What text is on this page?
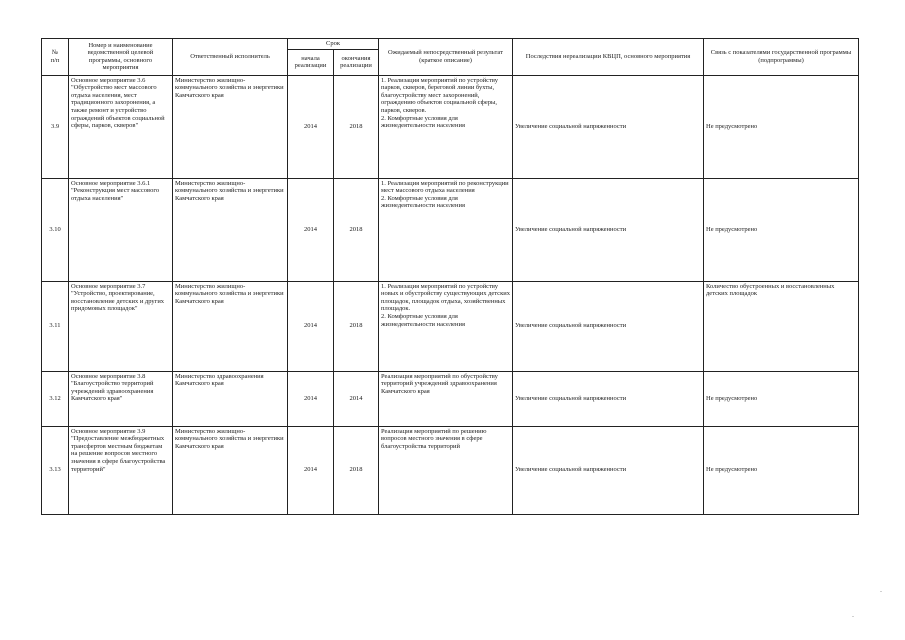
№
п/п	Номер и наименование ведомственной целевой программы, основного мероприятия	Ответственный исполнитель	Срок		Ожидаемый непосредственный результат (краткое описание)	Последствия нереализации КВЦП, основного мероприятия	Связь с показателями государственной программы (подпрограммы)
			начала реализации	окончания реализации			
3.9	Основное мероприятие 3.6 "Обустройство мест массового отдыха населения, мест традиционного захоронения, а также ремонт и устройство ограждений объектов социальной сферы, парков, скверов"	Министерство жилищно-коммунального хозяйства и энергетики Камчатского края	2014	2018	1. Реализация мероприятий по устройству парков, скверов, береговой линии бухты, благоустройству мест захоронений, ограждению объектов социальной сферы, парков, скверов.
2. Комфортные условия для жизнедеятельности населения	Увеличение социальной напряженности	Не предусмотрено
3.10	Основное мероприятие 3.6.1 "Реконструкция мест массового отдыха населения"	Министерство жилищно-коммунального хозяйства и энергетики Камчатского края	2014	2018	1. Реализация мероприятий по реконструкции мест массового отдыха населения
2. Комфортные условия для жизнедеятельности населения	Увеличение социальной напряженности	Не предусмотрено
3.11	Основное мероприятие 3.7 "Устройство, проектирование, восстановление детских и других придомовых площадок"	Министерство жилищно-коммунального хозяйства и энергетики Камчатского края	2014	2018	1. Реализация мероприятий по устройству новых и обустройству существующих детских площадок, площадок отдыха, хозяйственных площадок.
2. Комфортные условия для жизнедеятельности населения	Увеличение социальной напряженности	Количество обустроенных и восстановленных детских площадок
3.12	Основное мероприятие 3.8 "Благоустройство территорий учреждений здравоохранения Камчатского края"	Министерство здравоохранения Камчатского края	2014	2014	Реализация мероприятий по обустройству территорий учреждений здравоохранения Камчатского края	Увеличение социальной напряженности	Не предусмотрено
3.13	Основное мероприятие 3.9 "Предоставление межбюджетных трансфертов местным бюджетам на решение вопросов местного значения в сфере благоустройства территорий"	Министерство жилищно-коммунального хозяйства и энергетики Камчатского края	2014	2018	Реализация мероприятий по решению вопросов местного значения в сфере благоустройства территорий	Увеличение социальной напряженности	Не предусмотрено
.
.
